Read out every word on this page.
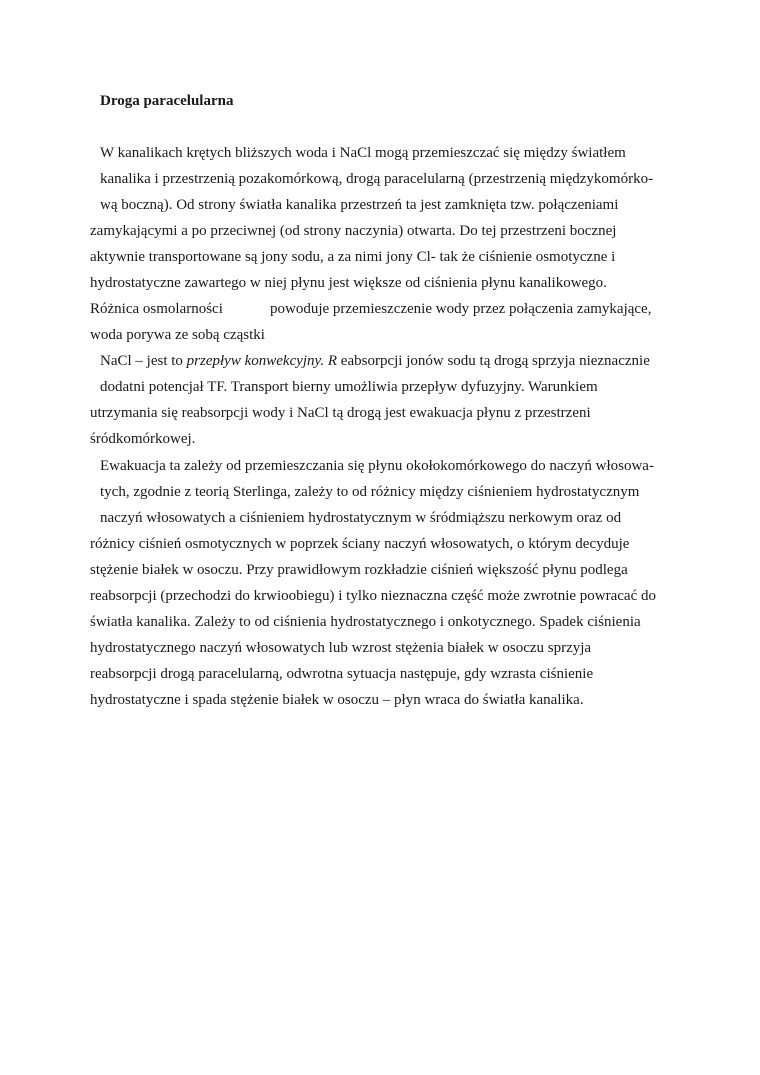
Droga paracelularna
W kanalikach krętych bliższych woda i NaCl mogą przemieszczać się między światłem
kanalika i przestrzenią pozakomórkową, drogą paracelularną (przestrzenią międzykomórko-
wą boczną). Od strony światła kanalika przestrzeń ta jest zamknięta tzw. połączeniami
zamykającymi a po przeciwnej (od strony naczynia) otwarta. Do tej przestrzeni bocznej
aktywnie transportowane są jony sodu, a za nimi jony Cl- tak że ciśnienie osmotyczne i
hydrostatyczne zawartego w niej płynu jest większe od ciśnienia płynu kanalikowego.
Różnica osmolarności	powoduje przemieszczenie wody przez połączenia zamykające,
woda porywa ze sobą cząstki
NaCl – jest to przepływ konwekcyjny. R eabsorpcji jonów sodu tą drogą sprzyja nieznacznie
dodatni potencjał TF. Transport bierny umożliwia przepływ dyfuzyjny. Warunkiem
utrzymania się reabsorpcji wody i NaCl tą drogą jest ewakuacja płynu z przestrzeni
śródkomórkowej.
Ewakuacja ta zależy od przemieszczania się płynu okołokomórkowego do naczyń włosowa-
tych, zgodnie z teorią Sterlinga, zależy to od różnicy między ciśnieniem hydrostatycznym
naczyń włosowatych a ciśnieniem hydrostatycznym w śródmiąższu nerkowym oraz od
różnicy ciśnień osmotycznych w poprzek ściany naczyń włosowatych, o którym decyduje
stężenie białek w osoczu. Przy prawidłowym rozkładzie ciśnień większość płynu podlega
reabsorpcji (przechodzi do krwioobiegu) i tylko nieznaczna część może zwrotnie powracać do
światła kanalika. Zależy to od ciśnienia hydrostatycznego i onkotycznego. Spadek ciśnienia
hydrostatycznego naczyń włosowatych lub wzrost stężenia białek w osoczu sprzyja
reabsorpcji drogą paracelularną, odwrotna sytuacja następuje, gdy wzrasta ciśnienie
hydrostatyczne i spada stężenie białek w osoczu – płyn wraca do światła kanalika.
